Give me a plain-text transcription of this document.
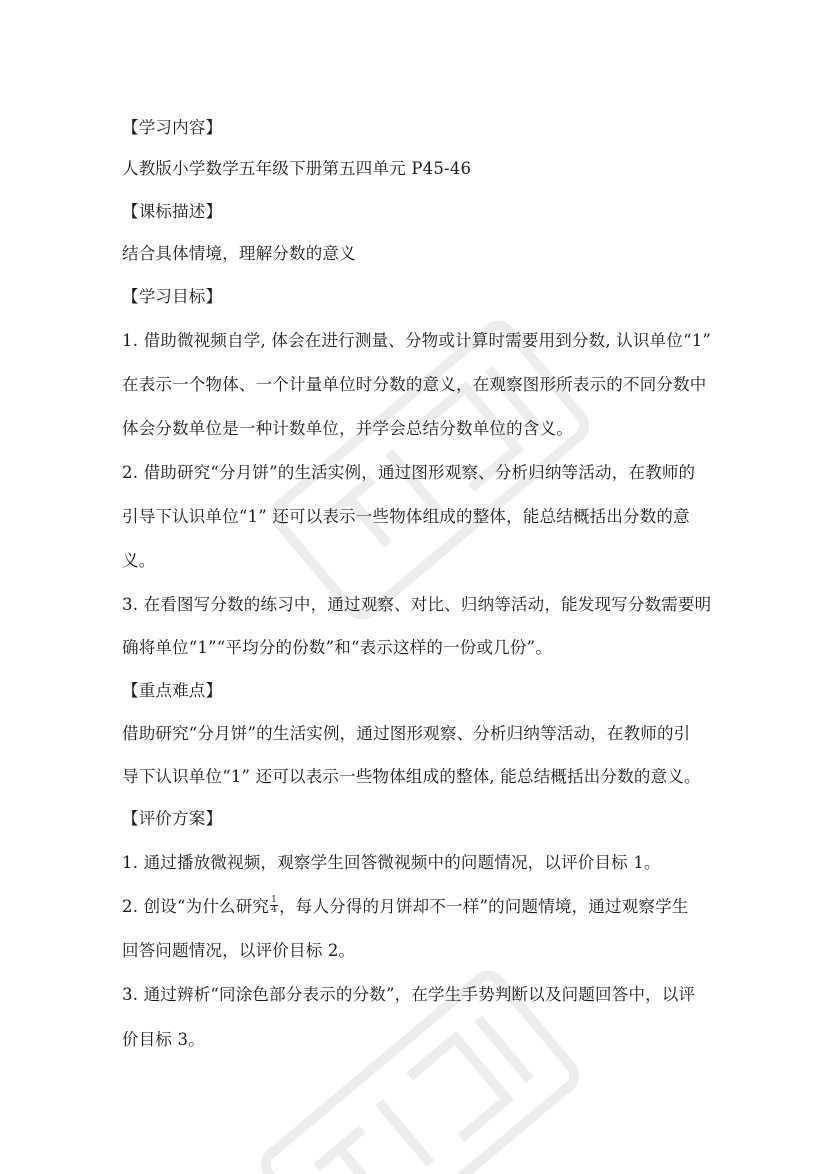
【学习内容】
人教版小学数学五年级下册第五四单元 P45-46
【课标描述】
结合具体情境，理解分数的意义
【学习目标】
1. 借助微视频自学, 体会在进行测量、分物或计算时需要用到分数, 认识单位“1”
在表示一个物体、一个计量单位时分数的意义，在观察图形所表示的不同分数中
体会分数单位是一种计数单位，并学会总结分数单位的含义。
2. 借助研究“分月饼”的生活实例，通过图形观察、分析归纳等活动，在教师的
引导下认识单位“1” 还可以表示一些物体组成的整体，能总结概括出分数的意
义。
3. 在看图写分数的练习中，通过观察、对比、归纳等活动，能发现写分数需要明
确将单位“1”“平均分的份数”和“表示这样的一份或几份”。
【重点难点】
借助研究“分月饼”的生活实例，通过图形观察、分析归纳等活动，在教师的引
导下认识单位“1” 还可以表示一些物体组成的整体, 能总结概括出分数的意义。
【评价方案】
1. 通过播放微视频，观察学生回答微视频中的问题情况，以评价目标 1。
2. 创设“为什么研究 $\frac{1}{4}$ ，每人分得的月饼却不一样”的问题情境，通过观察学生
回答问题情况，以评价目标 2。
3. 通过辨析“同涂色部分表示的分数”，在学生手势判断以及问题回答中，以评
价目标 3。
